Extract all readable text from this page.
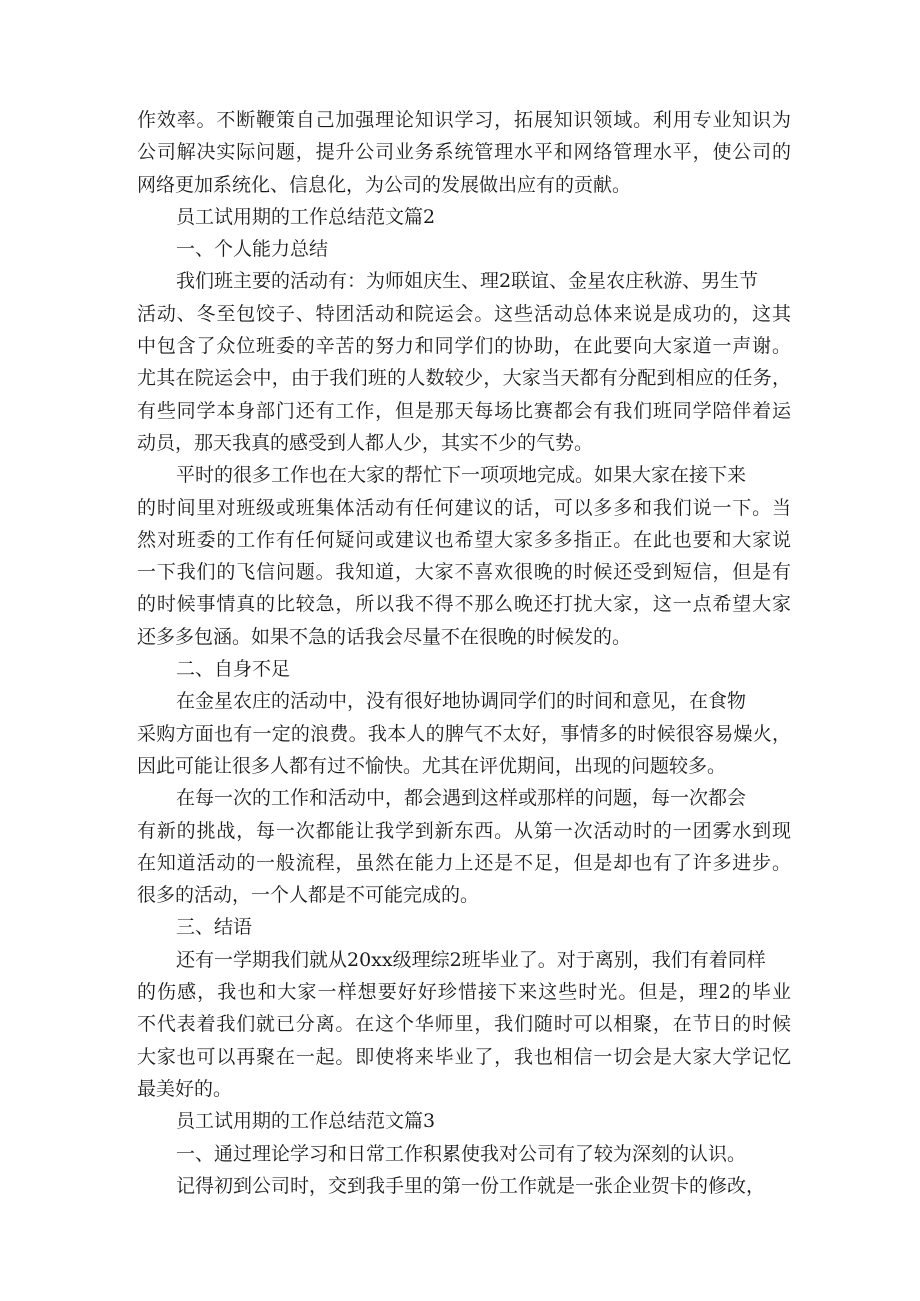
作效率。不断鞭策自己加强理论知识学习，拓展知识领域。利用专业知识为
公司解决实际问题，提升公司业务系统管理水平和网络管理水平，使公司的
网络更加系统化、信息化，为公司的发展做出应有的贡献。
员工试用期的工作总结范文篇2
一、个人能力总结
我们班主要的活动有：为师姐庆生、理2联谊、金星农庄秋游、男生节
活动、冬至包饺子、特团活动和院运会。这些活动总体来说是成功的，这其
中包含了众位班委的辛苦的努力和同学们的协助，在此要向大家道一声谢。
尤其在院运会中，由于我们班的人数较少，大家当天都有分配到相应的任务，
有些同学本身部门还有工作，但是那天每场比赛都会有我们班同学陪伴着运
动员，那天我真的感受到人都人少，其实不少的气势。
平时的很多工作也在大家的帮忙下一项项地完成。如果大家在接下来
的时间里对班级或班集体活动有任何建议的话，可以多多和我们说一下。当
然对班委的工作有任何疑问或建议也希望大家多多指正。在此也要和大家说
一下我们的飞信问题。我知道，大家不喜欢很晚的时候还受到短信，但是有
的时候事情真的比较急，所以我不得不那么晚还打扰大家，这一点希望大家
还多多包涵。如果不急的话我会尽量不在很晚的时候发的。
二、自身不足
在金星农庄的活动中，没有很好地协调同学们的时间和意见，在食物
采购方面也有一定的浪费。我本人的脾气不太好，事情多的时候很容易燥火，
因此可能让很多人都有过不愉快。尤其在评优期间，出现的问题较多。
在每一次的工作和活动中，都会遇到这样或那样的问题，每一次都会
有新的挑战，每一次都能让我学到新东西。从第一次活动时的一团雾水到现
在知道活动的一般流程，虽然在能力上还是不足，但是却也有了许多进步。
很多的活动，一个人都是不可能完成的。
三、结语
还有一学期我们就从20xx级理综2班毕业了。对于离别，我们有着同样
的伤感，我也和大家一样想要好好珍惜接下来这些时光。但是，理2的毕业
不代表着我们就已分离。在这个华师里，我们随时可以相聚，在节日的时候
大家也可以再聚在一起。即使将来毕业了，我也相信一切会是大家大学记忆
最美好的。
员工试用期的工作总结范文篇3
一、通过理论学习和日常工作积累使我对公司有了较为深刻的认识。
记得初到公司时，交到我手里的第一份工作就是一张企业贺卡的修改，
